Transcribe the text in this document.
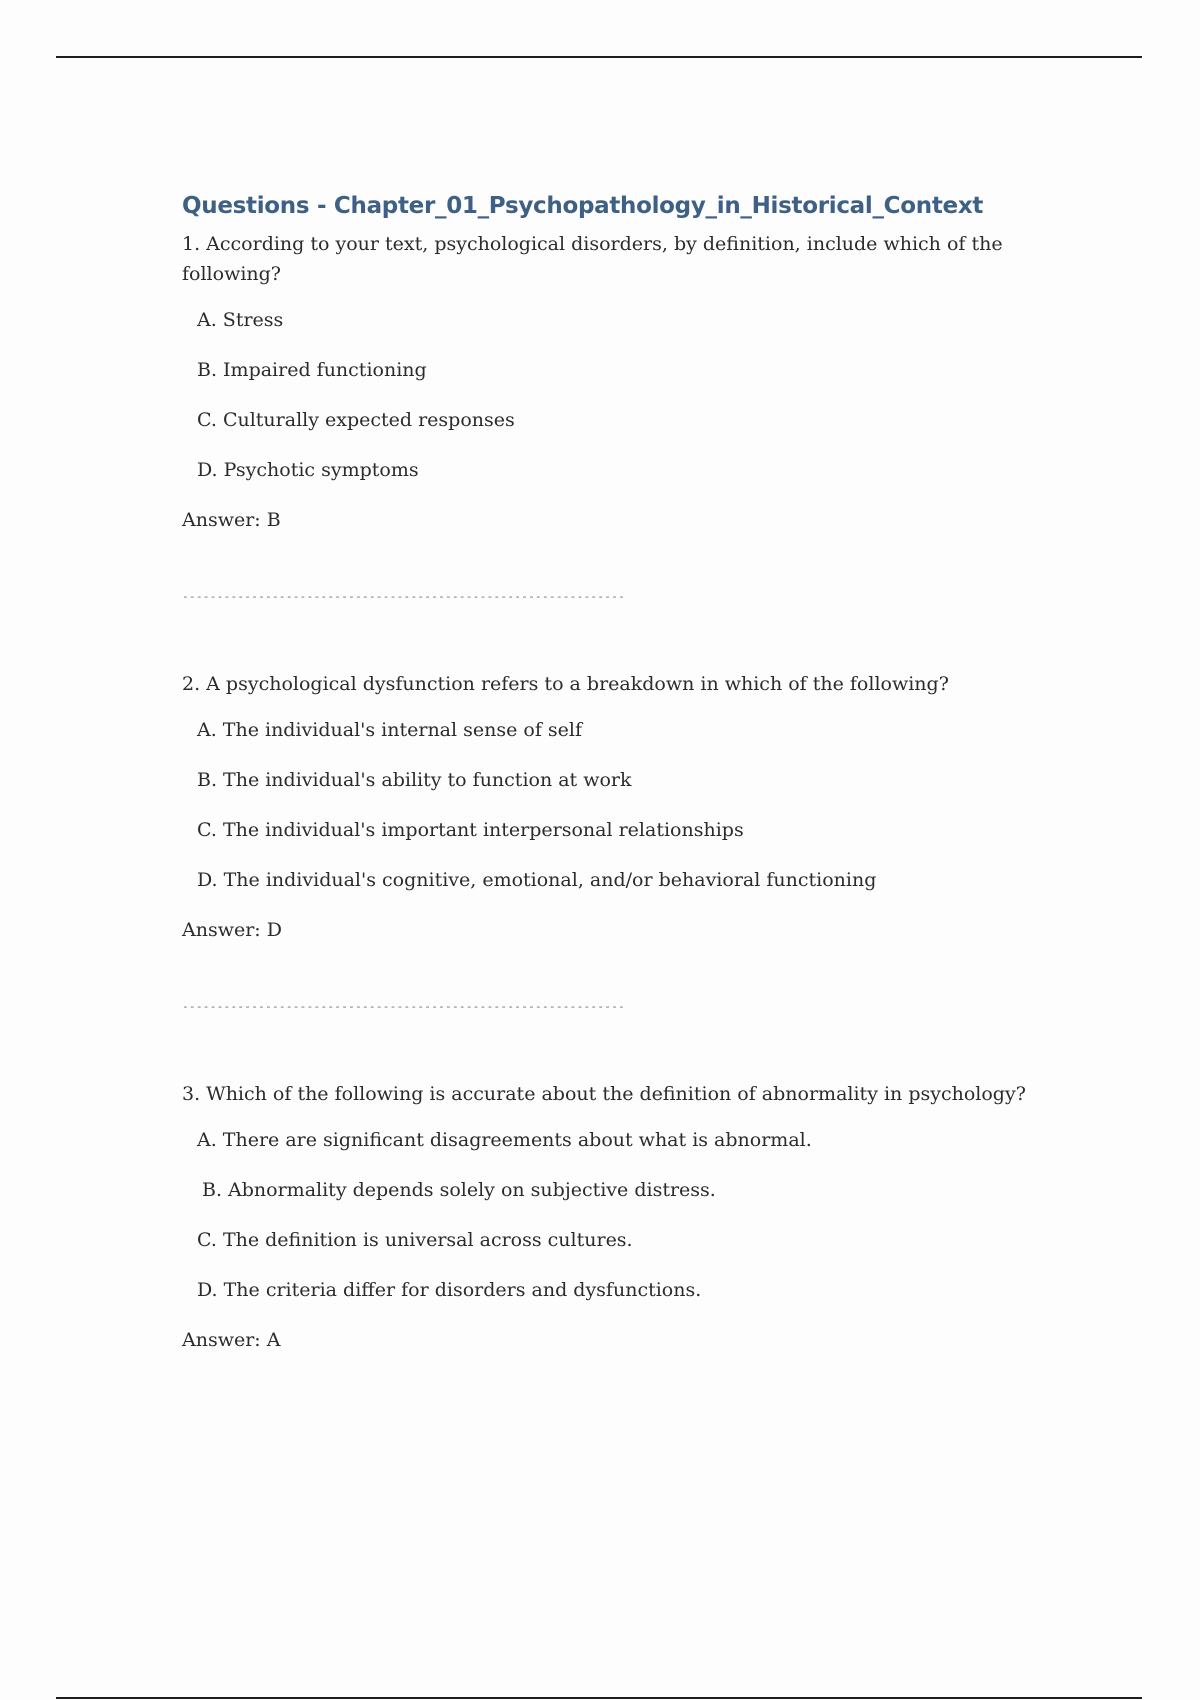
Questions - Chapter_01_Psychopathology_in_Historical_Context

1. According to your text, psychological disorders, by definition, include which of the following?

A. Stress

B. Impaired functioning

C. Culturally expected responses

D. Psychotic symptoms

Answer: B

----------------------------------------------------------------

2. A psychological dysfunction refers to a breakdown in which of the following?

A. The individual's internal sense of self

B. The individual's ability to function at work

C. The individual's important interpersonal relationships

D. The individual's cognitive, emotional, and/or behavioral functioning

Answer: D

----------------------------------------------------------------

3. Which of the following is accurate about the definition of abnormality in psychology?

A. There are significant disagreements about what is abnormal.

B. Abnormality depends solely on subjective distress.

C. The definition is universal across cultures.

D. The criteria differ for disorders and dysfunctions.

Answer: A
